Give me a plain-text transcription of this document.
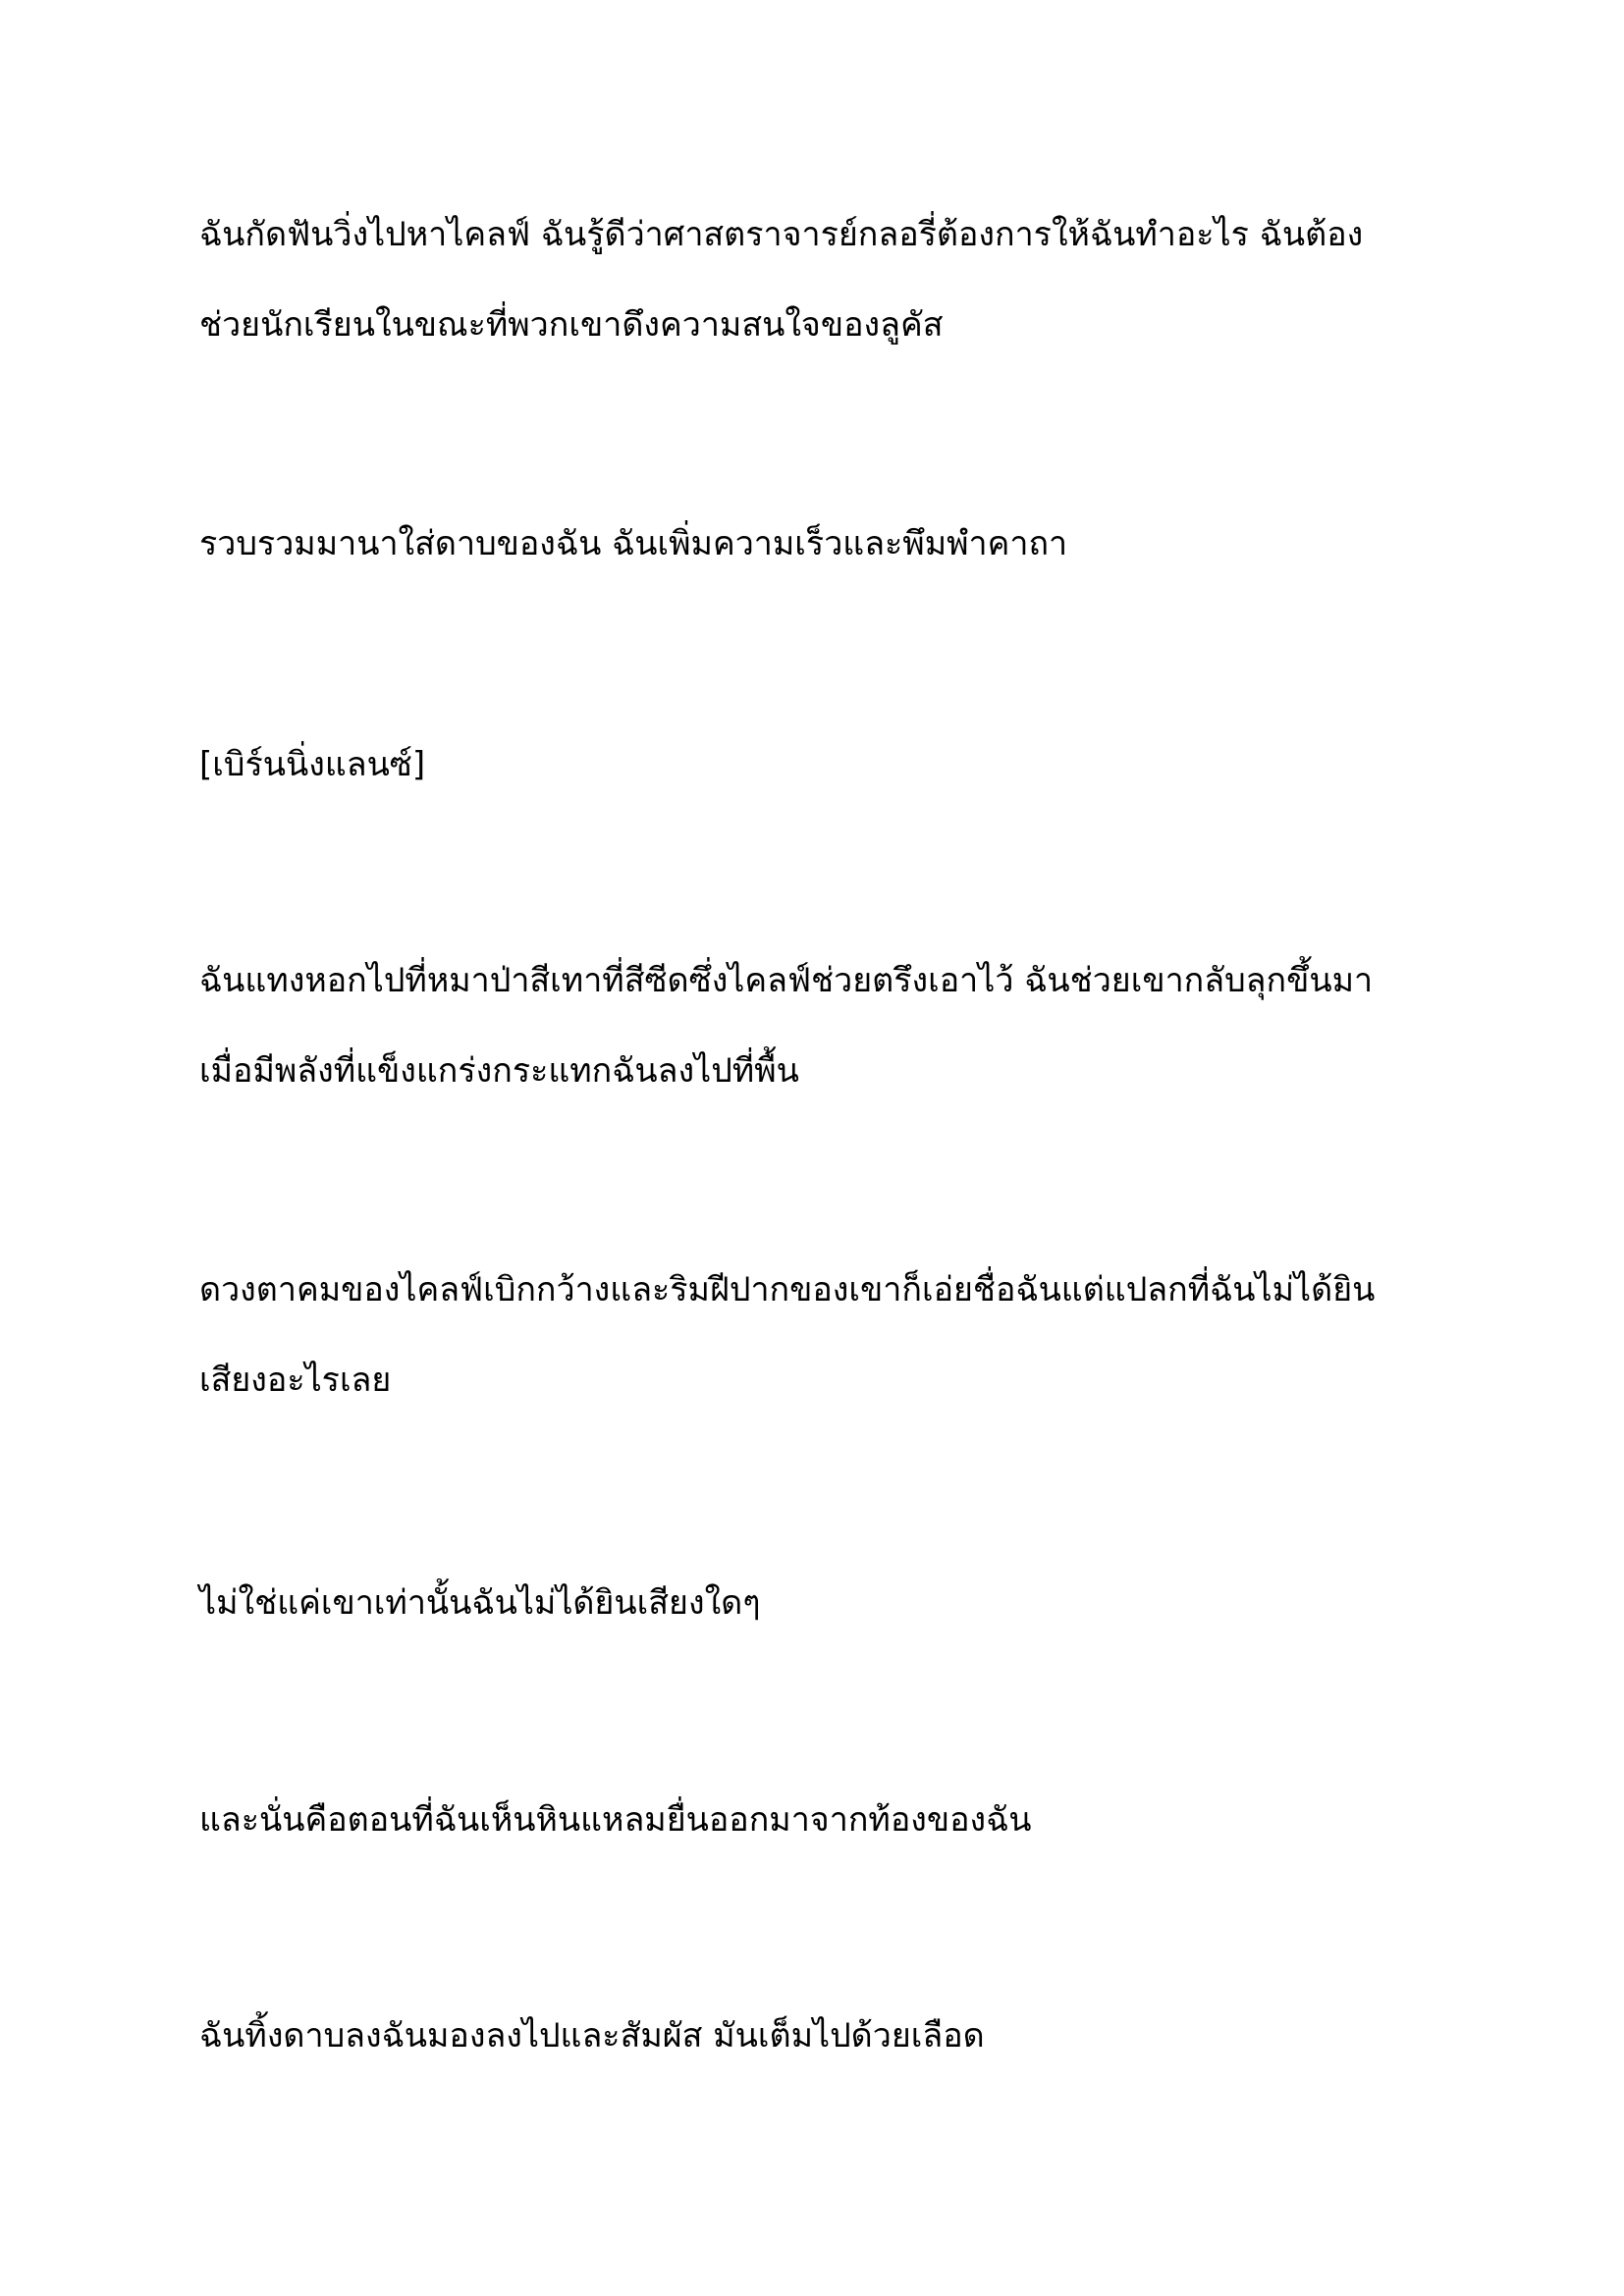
ฉันกัดฟันวิ่งไปหาไคลฟ์ ฉันรู้ดีว่าศาสตราจารย์กลอรี่ต้องการให้ฉันทำอะไร ฉันต้อง
ช่วยนักเรียนในขณะที่พวกเขาดึงความสนใจของลูคัส

รวบรวมมานาใส่ดาบของฉัน ฉันเพิ่มความเร็วและพึมพำคาถา

[เบิร์นนิ่งแลนซ์]

ฉันแทงหอกไปที่หมาป่าสีเทาที่สีซีดซึ่งไคลฟ์ช่วยตรึงเอาไว้ ฉันช่วยเขากลับลุกขึ้นมา
เมื่อมีพลังที่แข็งแกร่งกระแทกฉันลงไปที่พื้น

ดวงตาคมของไคลฟ์เบิกกว้างและริมฝีปากของเขาก็เอ่ยชื่อฉันแต่แปลกที่ฉันไม่ได้ยิน
เสียงอะไรเลย

ไม่ใช่แค่เขาเท่านั้นฉันไม่ได้ยินเสียงใดๆ

และนั่นคือตอนที่ฉันเห็นหินแหลมยื่นออกมาจากท้องของฉัน

ฉันทิ้งดาบลงฉันมองลงไปและสัมผัส มันเต็มไปด้วยเลือด
